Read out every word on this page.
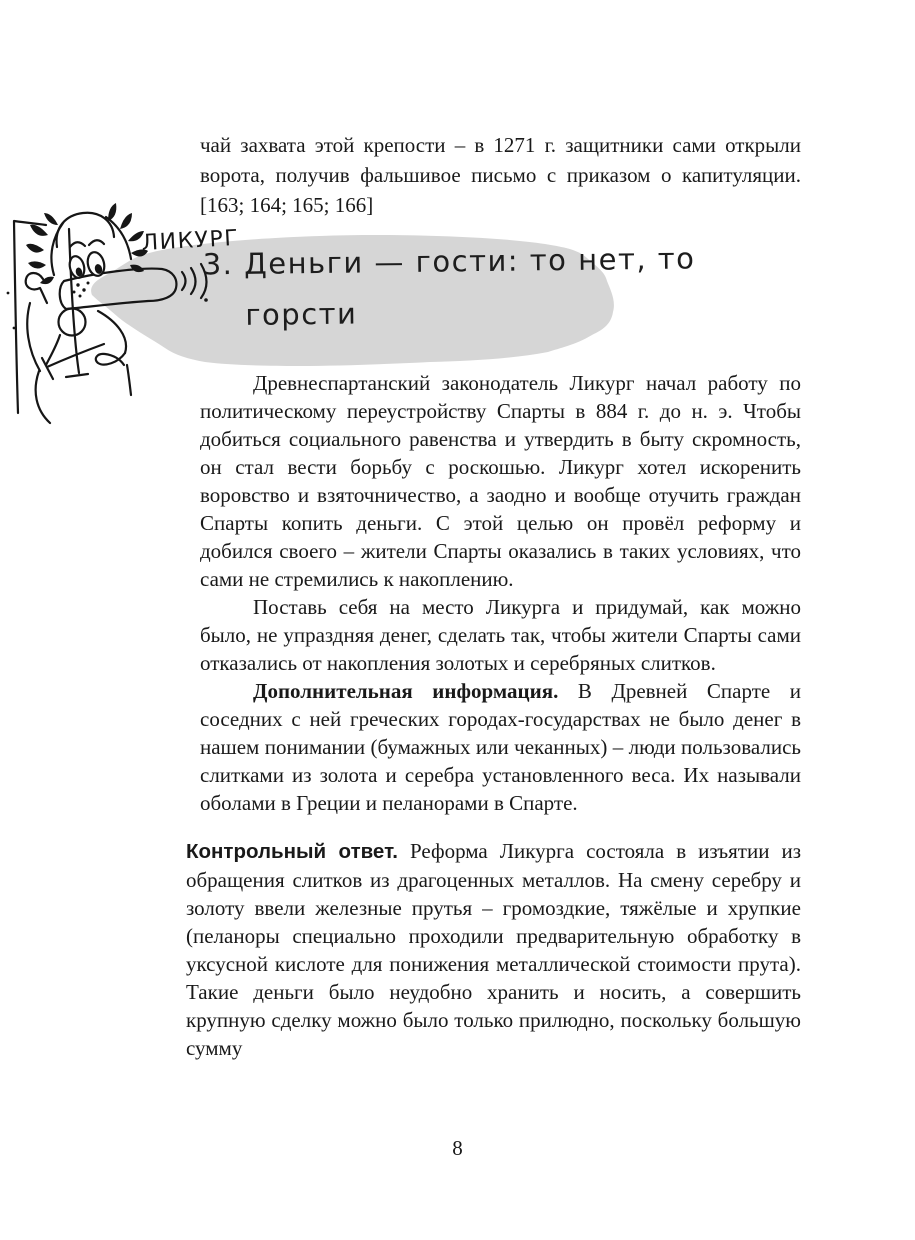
чай захвата этой крепости – в 1271 г. защитники сами открыли ворота, получив фальшивое письмо с приказом о капитуляции. [163; 164; 165; 166]
ЛИКУРГ
3. Деньги — гости: то нет, то
горсти

Древнеспартанский законодатель Ликург начал работу по политическому переустройству Спарты в 884 г. до н. э. Чтобы добиться социального равенства и утвердить в быту скромность, он стал вести борьбу с роскошью. Ликург хотел искоренить воровство и взяточничество, а заодно и вообще отучить граждан Спарты копить деньги. С этой целью он провёл реформу и добился своего – жители Спарты оказались в таких условиях, что сами не стремились к накоплению.

Поставь себя на место Ликурга и придумай, как можно было, не упраздняя денег, сделать так, чтобы жители Спарты сами отказались от накопления золотых и серебряных слитков.

Дополнительная информация. В Древней Спарте и соседних с ней греческих городах-государствах не было денег в нашем понимании (бумажных или чеканных) – люди пользовались слитками из золота и серебра установленного веса. Их называли оболами в Греции и пеланорами в Спарте.

Контрольный ответ. Реформа Ликурга состояла в изъятии из обращения слитков из драгоценных металлов. На смену серебру и золоту ввели железные прутья – громоздкие, тяжёлые и хрупкие (пеланоры специально проходили предварительную обработку в уксусной кислоте для понижения металлической стоимости прута). Такие деньги было неудобно хранить и носить, а совершить крупную сделку можно было только прилюдно, поскольку большую сумму

8
